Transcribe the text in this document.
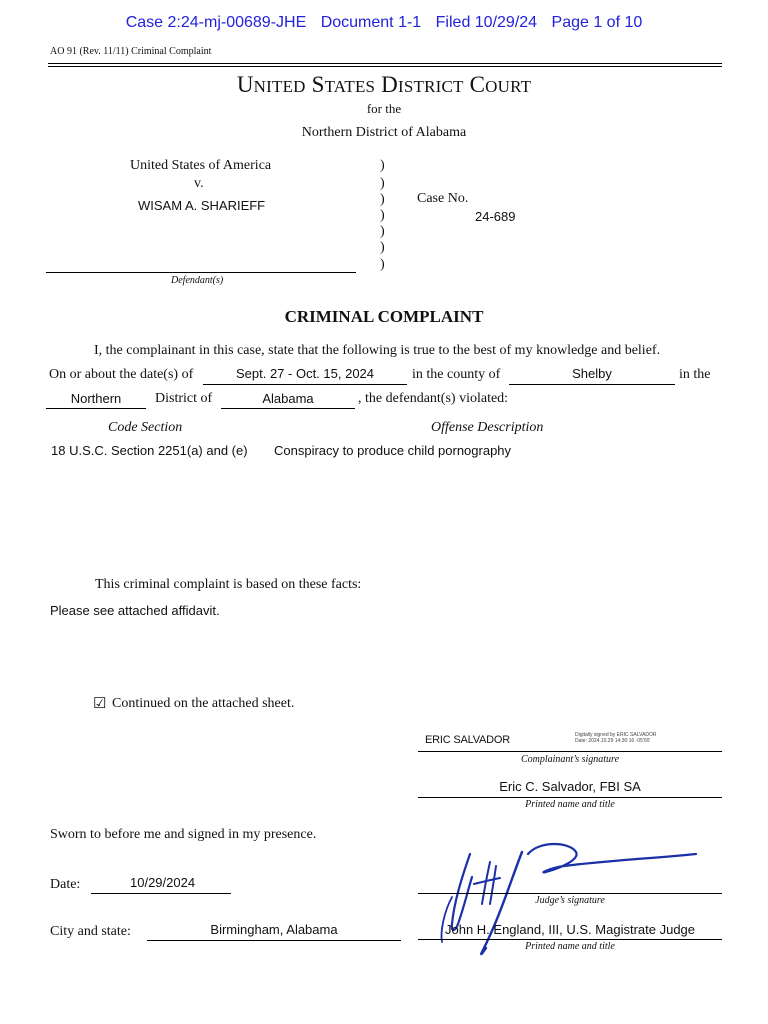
Case 2:24-mj-00689-JHE Document 1-1 Filed 10/29/24 Page 1 of 10
AO 91 (Rev. 11/11) Criminal Complaint
UNITED STATES DISTRICT COURT
for the
Northern District of Alabama
United States of America
v.
WISAM A. SHARIEFF
Defendant(s)
)
)
)
)
)
)
)
Case No.
24-689
CRIMINAL COMPLAINT
I, the complainant in this case, state that the following is true to the best of my knowledge and belief.
On or about the date(s) of	Sept. 27 - Oct. 15, 2024	in the county of	Shelby	in the
Northern	District of	Alabama	, the defendant(s) violated:
Code Section	Offense Description
18 U.S.C. Section 2251(a) and (e) Conspiracy to produce child pornography
This criminal complaint is based on these facts:
Please see attached affidavit.
☑ Continued on the attached sheet.
ERIC SALVADOR	Digitally signed by ERIC SALVADOR
Date: 2024.10.29 14:30:16 -05'00'
Complainant’s signature
Eric C. Salvador, FBI SA
Printed name and title
Sworn to before me and signed in my presence.
Date:	10/29/2024
Judge’s signature
John H. England, III, U.S. Magistrate Judge
Printed name and title
City and state:	Birmingham, Alabama
